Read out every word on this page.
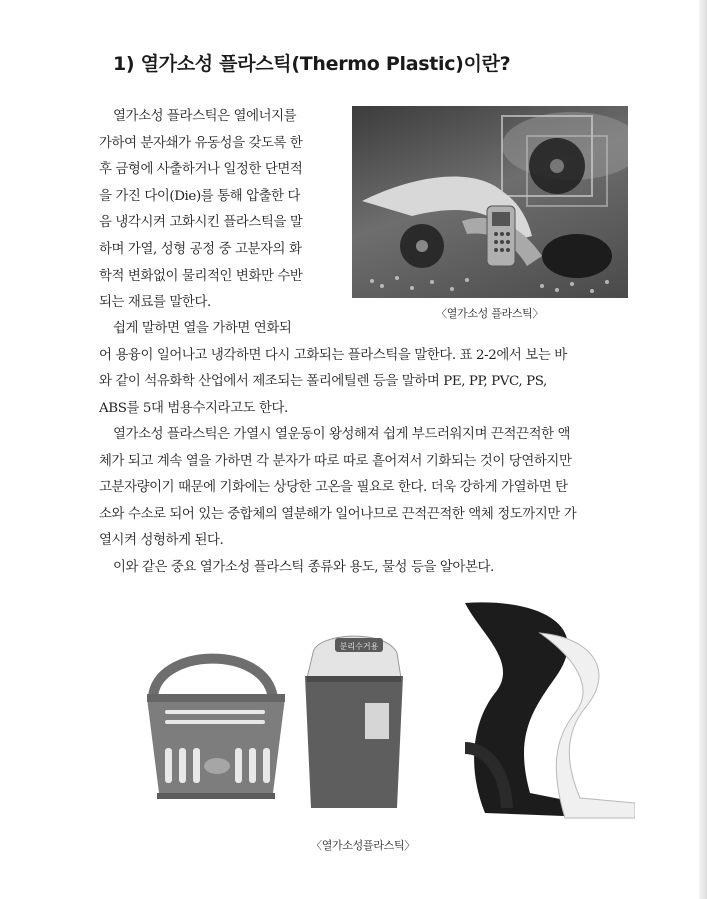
1) 열가소성 플라스틱(Thermo Plastic)이란?
열가소성 플라스틱은 열에너지를
가하여 분자쇄가 유동성을 갖도록 한
후 금형에 사출하거나 일정한 단면적
을 가진 다이(Die)를 통해 압출한 다
음 냉각시켜 고화시킨 플라스틱을 말
하며 가열, 성형 공정 중 고분자의 화
학적 변화없이 물리적인 변화만 수반
되는 재료를 말한다.
〈열가소성 플라스틱〉
쉽게 말하면 열을 가하면 연화되
어 용융이 일어나고 냉각하면 다시 고화되는 플라스틱을 말한다. 표 2-2에서 보는 바
와 같이 석유화학 산업에서 제조되는 폴리에틸렌 등을 말하며 PE, PP, PVC, PS,
ABS를 5대 범용수지라고도 한다.
열가소성 플라스틱은 가열시 열운동이 왕성해져 쉽게 부드러워지며 끈적끈적한 액
체가 되고 계속 열을 가하면 각 분자가 따로 따로 흩어져서 기화되는 것이 당연하지만
고분자량이기 때문에 기화에는 상당한 고온을 필요로 한다. 더욱 강하게 가열하면 탄
소와 수소로 되어 있는 중합체의 열분해가 일어나므로 끈적끈적한 액체 정도까지만 가
열시켜 성형하게 된다.
이와 같은 중요 열가소성 플라스틱 종류와 용도, 물성 등을 알아본다.
분리수거용
〈열가소성플라스틱〉
